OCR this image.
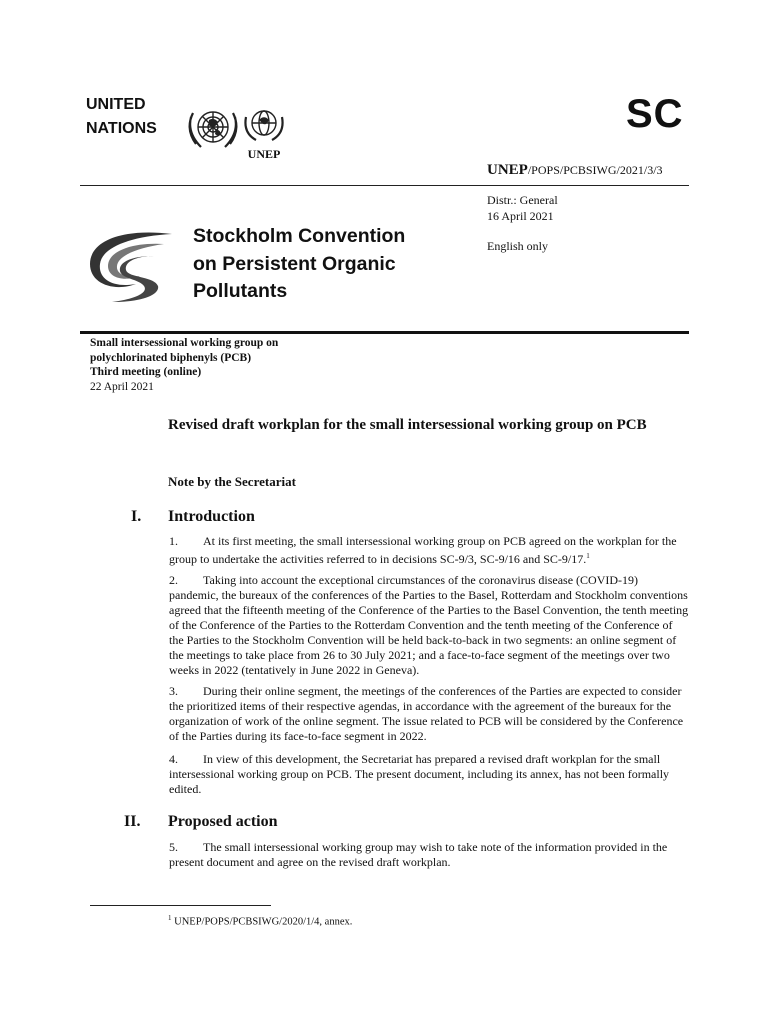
UNITED
NATIONS
UNEP
SC
UNEP/POPS/PCBSIWG/2021/3/3
Distr.: General
16 April 2021
English only
Stockholm Convention
on Persistent Organic
Pollutants
Small intersessional working group on
polychlorinated biphenyls (PCB)
Third meeting (online)
22 April 2021
Revised draft workplan for the small intersessional working group on PCB
Note by the Secretariat
I. Introduction
1. At its first meeting, the small intersessional working group on PCB agreed on the workplan for the group to undertake the activities referred to in decisions SC-9/3, SC-9/16 and SC-9/17.$^1$
2. Taking into account the exceptional circumstances of the coronavirus disease (COVID-19) pandemic, the bureaux of the conferences of the Parties to the Basel, Rotterdam and Stockholm conventions agreed that the fifteenth meeting of the Conference of the Parties to the Basel Convention, the tenth meeting of the Conference of the Parties to the Rotterdam Convention and the tenth meeting of the Conference of the Parties to the Stockholm Convention will be held back-to-back in two segments: an online segment of the meetings to take place from 26 to 30 July 2021; and a face-to-face segment of the meetings over two weeks in 2022 (tentatively in June 2022 in Geneva).
3. During their online segment, the meetings of the conferences of the Parties are expected to consider the prioritized items of their respective agendas, in accordance with the agreement of the bureaux for the organization of work of the online segment. The issue related to PCB will be considered by the Conference of the Parties during its face-to-face segment in 2022.
4. In view of this development, the Secretariat has prepared a revised draft workplan for the small intersessional working group on PCB. The present document, including its annex, has not been formally edited.
II. Proposed action
5. The small intersessional working group may wish to take note of the information provided in the present document and agree on the revised draft workplan.
$^1$ UNEP/POPS/PCBSIWG/2020/1/4, annex.
